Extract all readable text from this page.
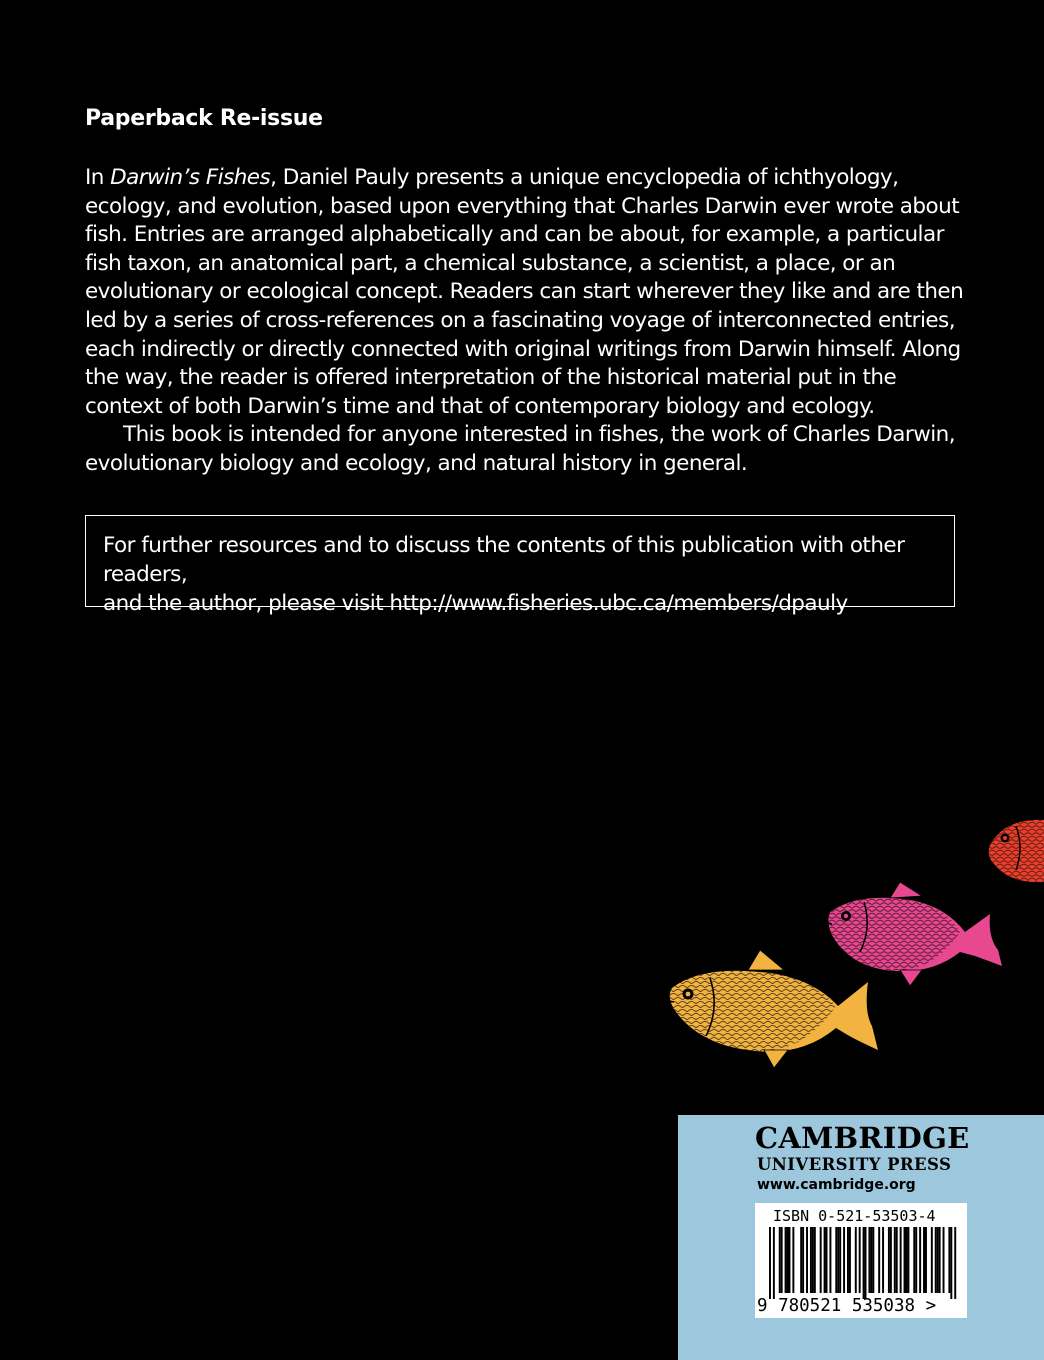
Paperback Re-issue

In Darwin’s Fishes, Daniel Pauly presents a unique encyclopedia of ichthyology, ecology, and evolution, based upon everything that Charles Darwin ever wrote about fish. Entries are arranged alphabetically and can be about, for example, a particular fish taxon, an anatomical part, a chemical substance, a scientist, a place, or an evolutionary or ecological concept. Readers can start wherever they like and are then led by a series of cross-references on a fascinating voyage of interconnected entries, each indirectly or directly connected with original writings from Darwin himself. Along the way, the reader is offered interpretation of the historical material put in the context of both Darwin’s time and that of contemporary biology and ecology.

This book is intended for anyone interested in fishes, the work of Charles Darwin, evolutionary biology and ecology, and natural history in general.

For further resources and to discuss the contents of this publication with other readers,
and the author, please visit http://www.fisheries.ubc.ca/members/dpauly
CAMBRIDGE
UNIVERSITY PRESS
www.cambridge.org
ISBN 0-521-53503-4
9 780521 535038 >
